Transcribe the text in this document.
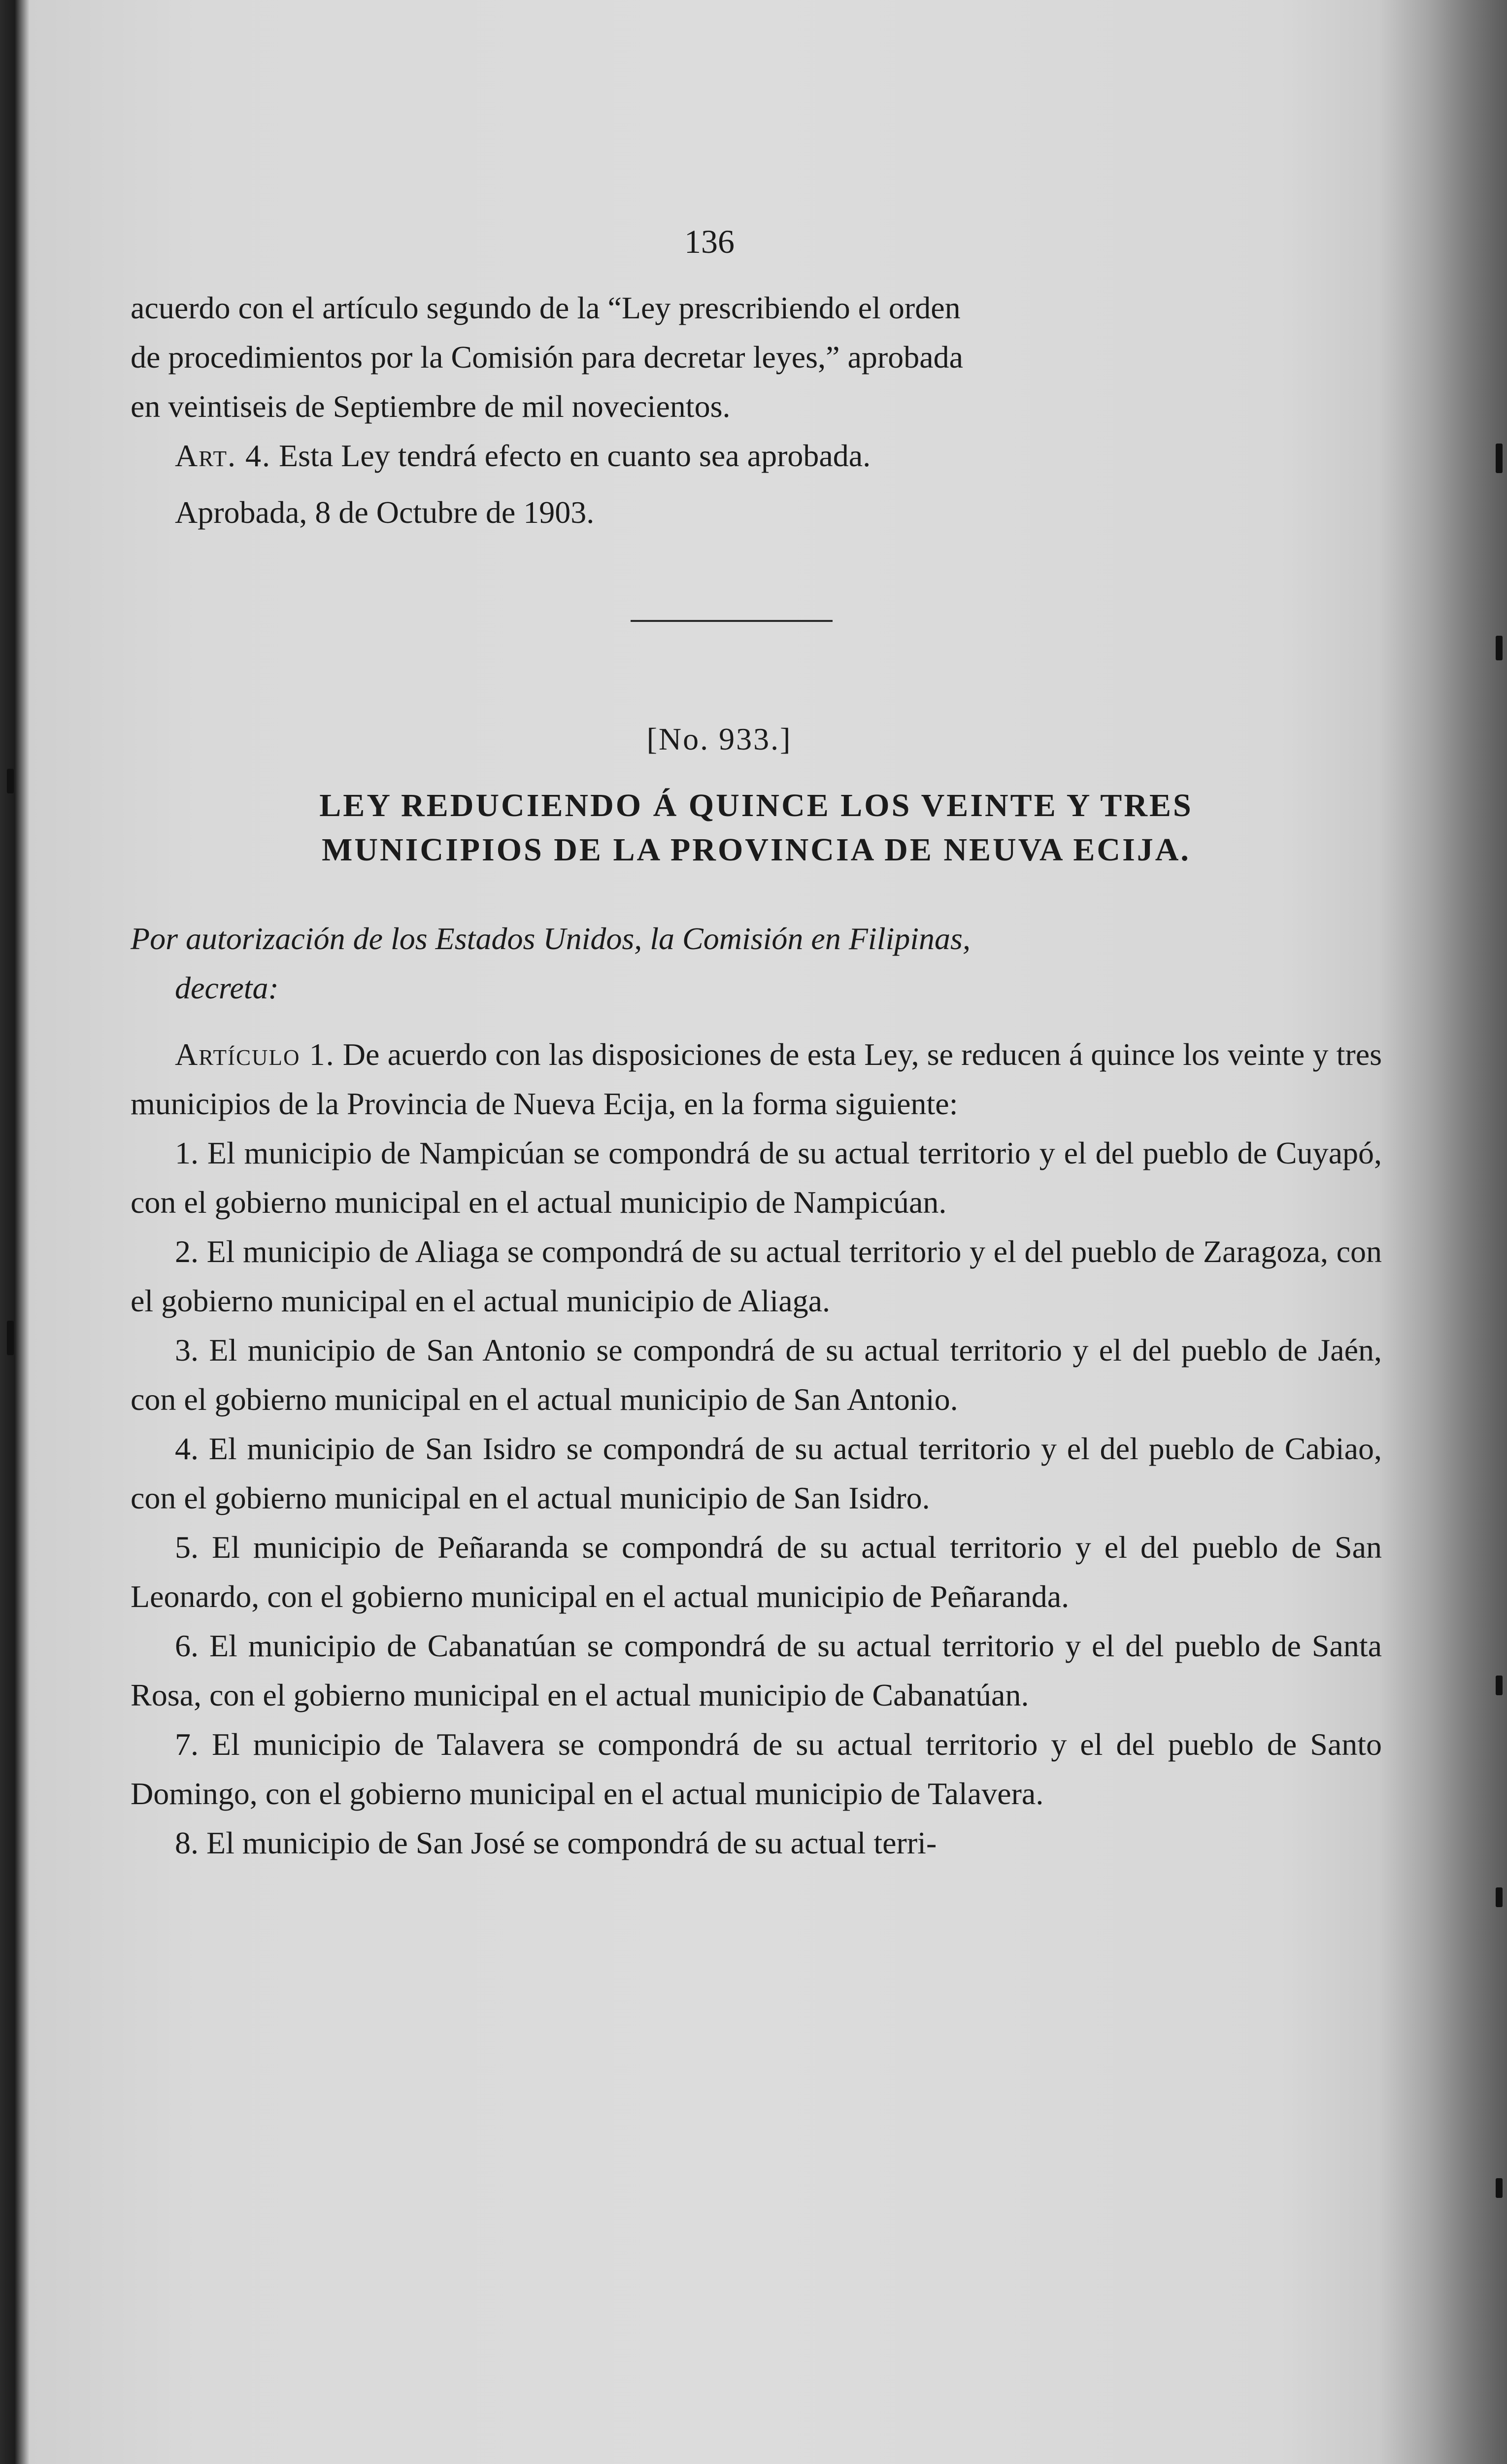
136

acuerdo con el artículo segundo de la “Ley prescribiendo el orden

de procedimientos por la Comisión para decretar leyes,” aprobada

en veintiseis de Septiembre de mil novecientos.

Art. 4. Esta Ley tendrá efecto en cuanto sea aprobada.

Aprobada, 8 de Octubre de 1903.

[No. 933.]
LEY REDUCIENDO Á QUINCE LOS VEINTE Y TRES
MUNICIPIOS DE LA PROVINCIA DE NEUVA ECIJA.
Por autorización de los Estados Unidos, la Comisión en Filipinas,
decreta:

Artículo 1. De acuerdo con las disposiciones de esta Ley, se reducen á quince los veinte y tres municipios de la Provincia de Nueva Ecija, en la forma siguiente:

1. El municipio de Nampicúan se compondrá de su actual territorio y el del pueblo de Cuyapó, con el gobierno municipal en el actual municipio de Nampicúan.

2. El municipio de Aliaga se compondrá de su actual territorio y el del pueblo de Zaragoza, con el gobierno municipal en el actual municipio de Aliaga.

3. El municipio de San Antonio se compondrá de su actual territorio y el del pueblo de Jaén, con el gobierno municipal en el actual municipio de San Antonio.

4. El municipio de San Isidro se compondrá de su actual territorio y el del pueblo de Cabiao, con el gobierno municipal en el actual municipio de San Isidro.

5. El municipio de Peñaranda se compondrá de su actual territorio y el del pueblo de San Leonardo, con el gobierno municipal en el actual municipio de Peñaranda.

6. El municipio de Cabanatúan se compondrá de su actual territorio y el del pueblo de Santa Rosa, con el gobierno municipal en el actual municipio de Cabanatúan.

7. El municipio de Talavera se compondrá de su actual territorio y el del pueblo de Santo Domingo, con el gobierno municipal en el actual municipio de Talavera.

8. El municipio de San José se compondrá de su actual terri-
